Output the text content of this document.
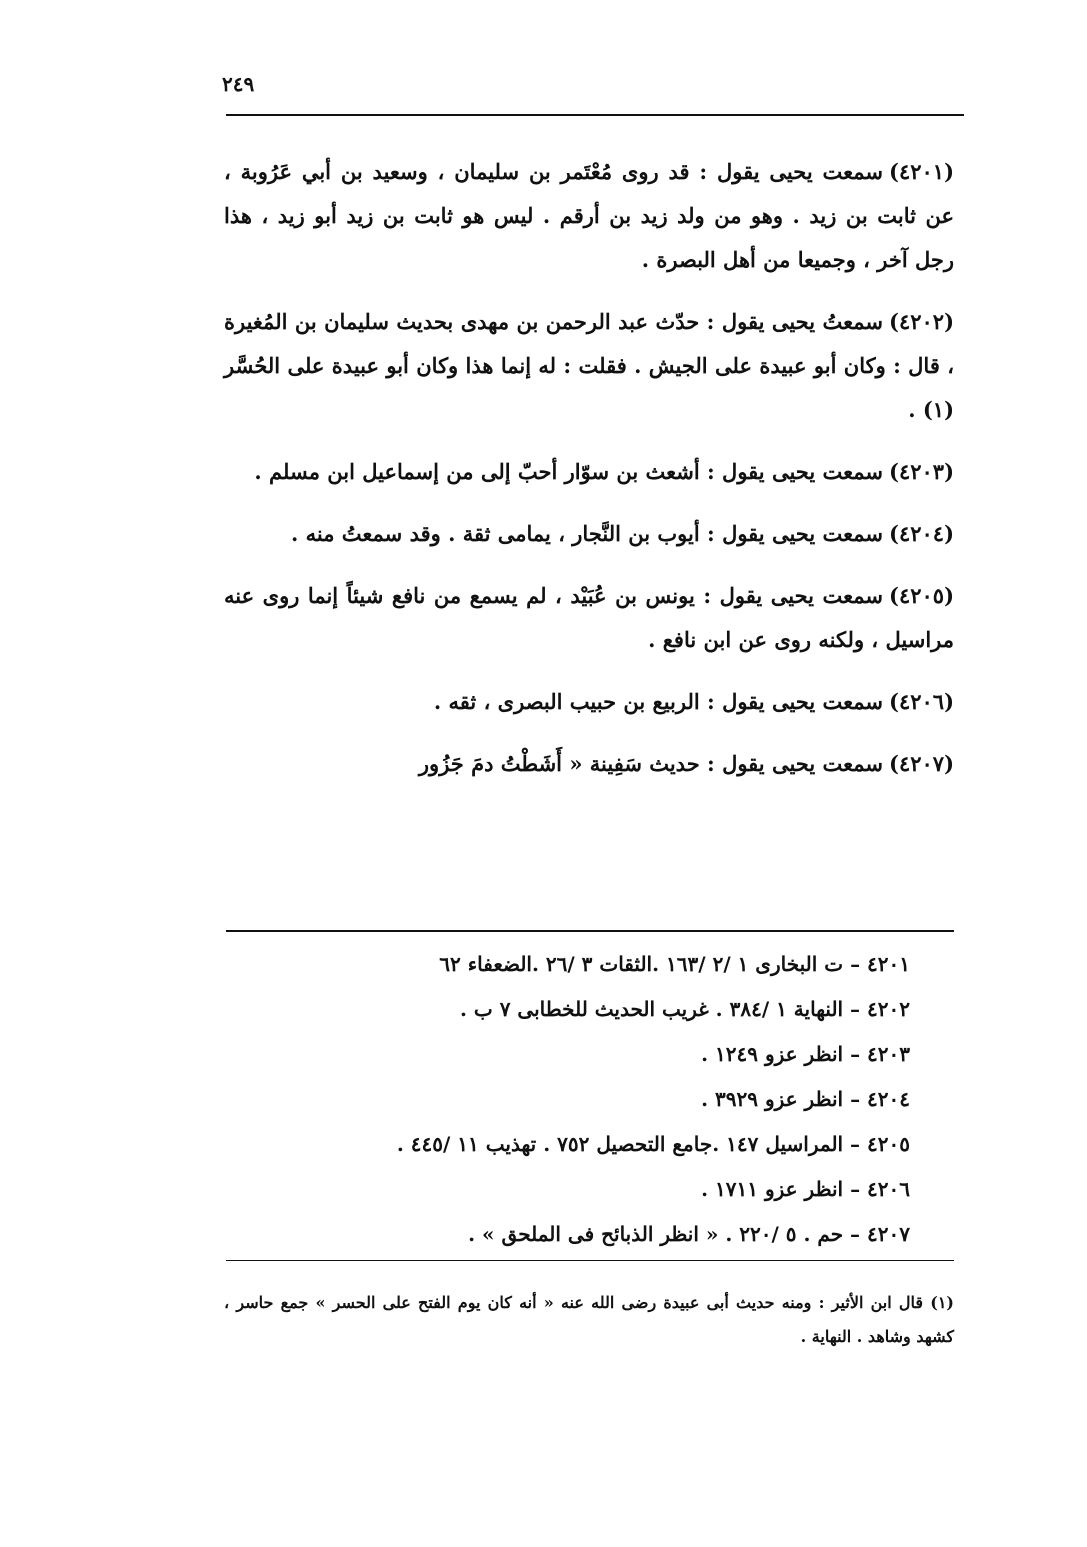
٢٤٩

(٤٢٠١)سمعت يحيى يقول : قد روى مُعْتَمر بن سليمان ، وسعيد بن أبي عَرُوبة ، عن ثابت بن زيد . وهو من ولد زيد بن أرقم . ليس هو ثابت بن زيد أبو زيد ، هذا رجل آخر ، وجميعا من أهل البصرة .

(٤٢٠٢)سمعتُ يحيى يقول : حدّث عبد الرحمن بن مهدى بحديث سليمان بن المُغيرة ، قال : وكان أبو عبيدة على الجيش . فقلت : له إنما هذا وكان أبو عبيدة على الحُسَّر (١) .

(٤٢٠٣)سمعت يحيى يقول : أشعث بن سوّار أحبّ إلى من إسماعيل ابن مسلم .

(٤٢٠٤)سمعت يحيى يقول : أيوب بن النَّجار ، يمامى ثقة . وقد سمعتُ منه .

(٤٢٠٥)سمعت يحيى يقول : يونس بن عُبَيْد ، لم يسمع من نافع شيئاً إنما روى عنه مراسيل ، ولكنه روى عن ابن نافع .

(٤٢٠٦)سمعت يحيى يقول : الربيع بن حبيب البصرى ، ثقه .

(٤٢٠٧)سمعت يحيى يقول : حديث سَفِينة « أَشَطْتُ دمَ جَزُور

٤٢٠١ – ت البخارى ١ /٢ /١٦٣ .الثقات ٣ /٢٦ .الضعفاء ٦٢
٤٢٠٢ – النهاية ١ /٣٨٤ . غريب الحديث للخطابى ٧ ب .
٤٢٠٣ – انظر عزو ١٢٤٩ .
٤٢٠٤ – انظر عزو ٣٩٢٩ .
٤٢٠٥ – المراسيل ١٤٧ .جامع التحصيل ٧٥٢ . تهذيب ١١ /٤٤٥ .
٤٢٠٦ – انظر عزو ١٧١١ .
٤٢٠٧ – حم . ٥ /٢٢٠ . « انظر الذبائح فى الملحق » .
(١) قال ابن الأثير : ومنه حديث أبى عبيدة رضى الله عنه « أنه كان يوم الفتح على الحسر » جمع حاسر ، كشهد وشاهد . النهاية .
